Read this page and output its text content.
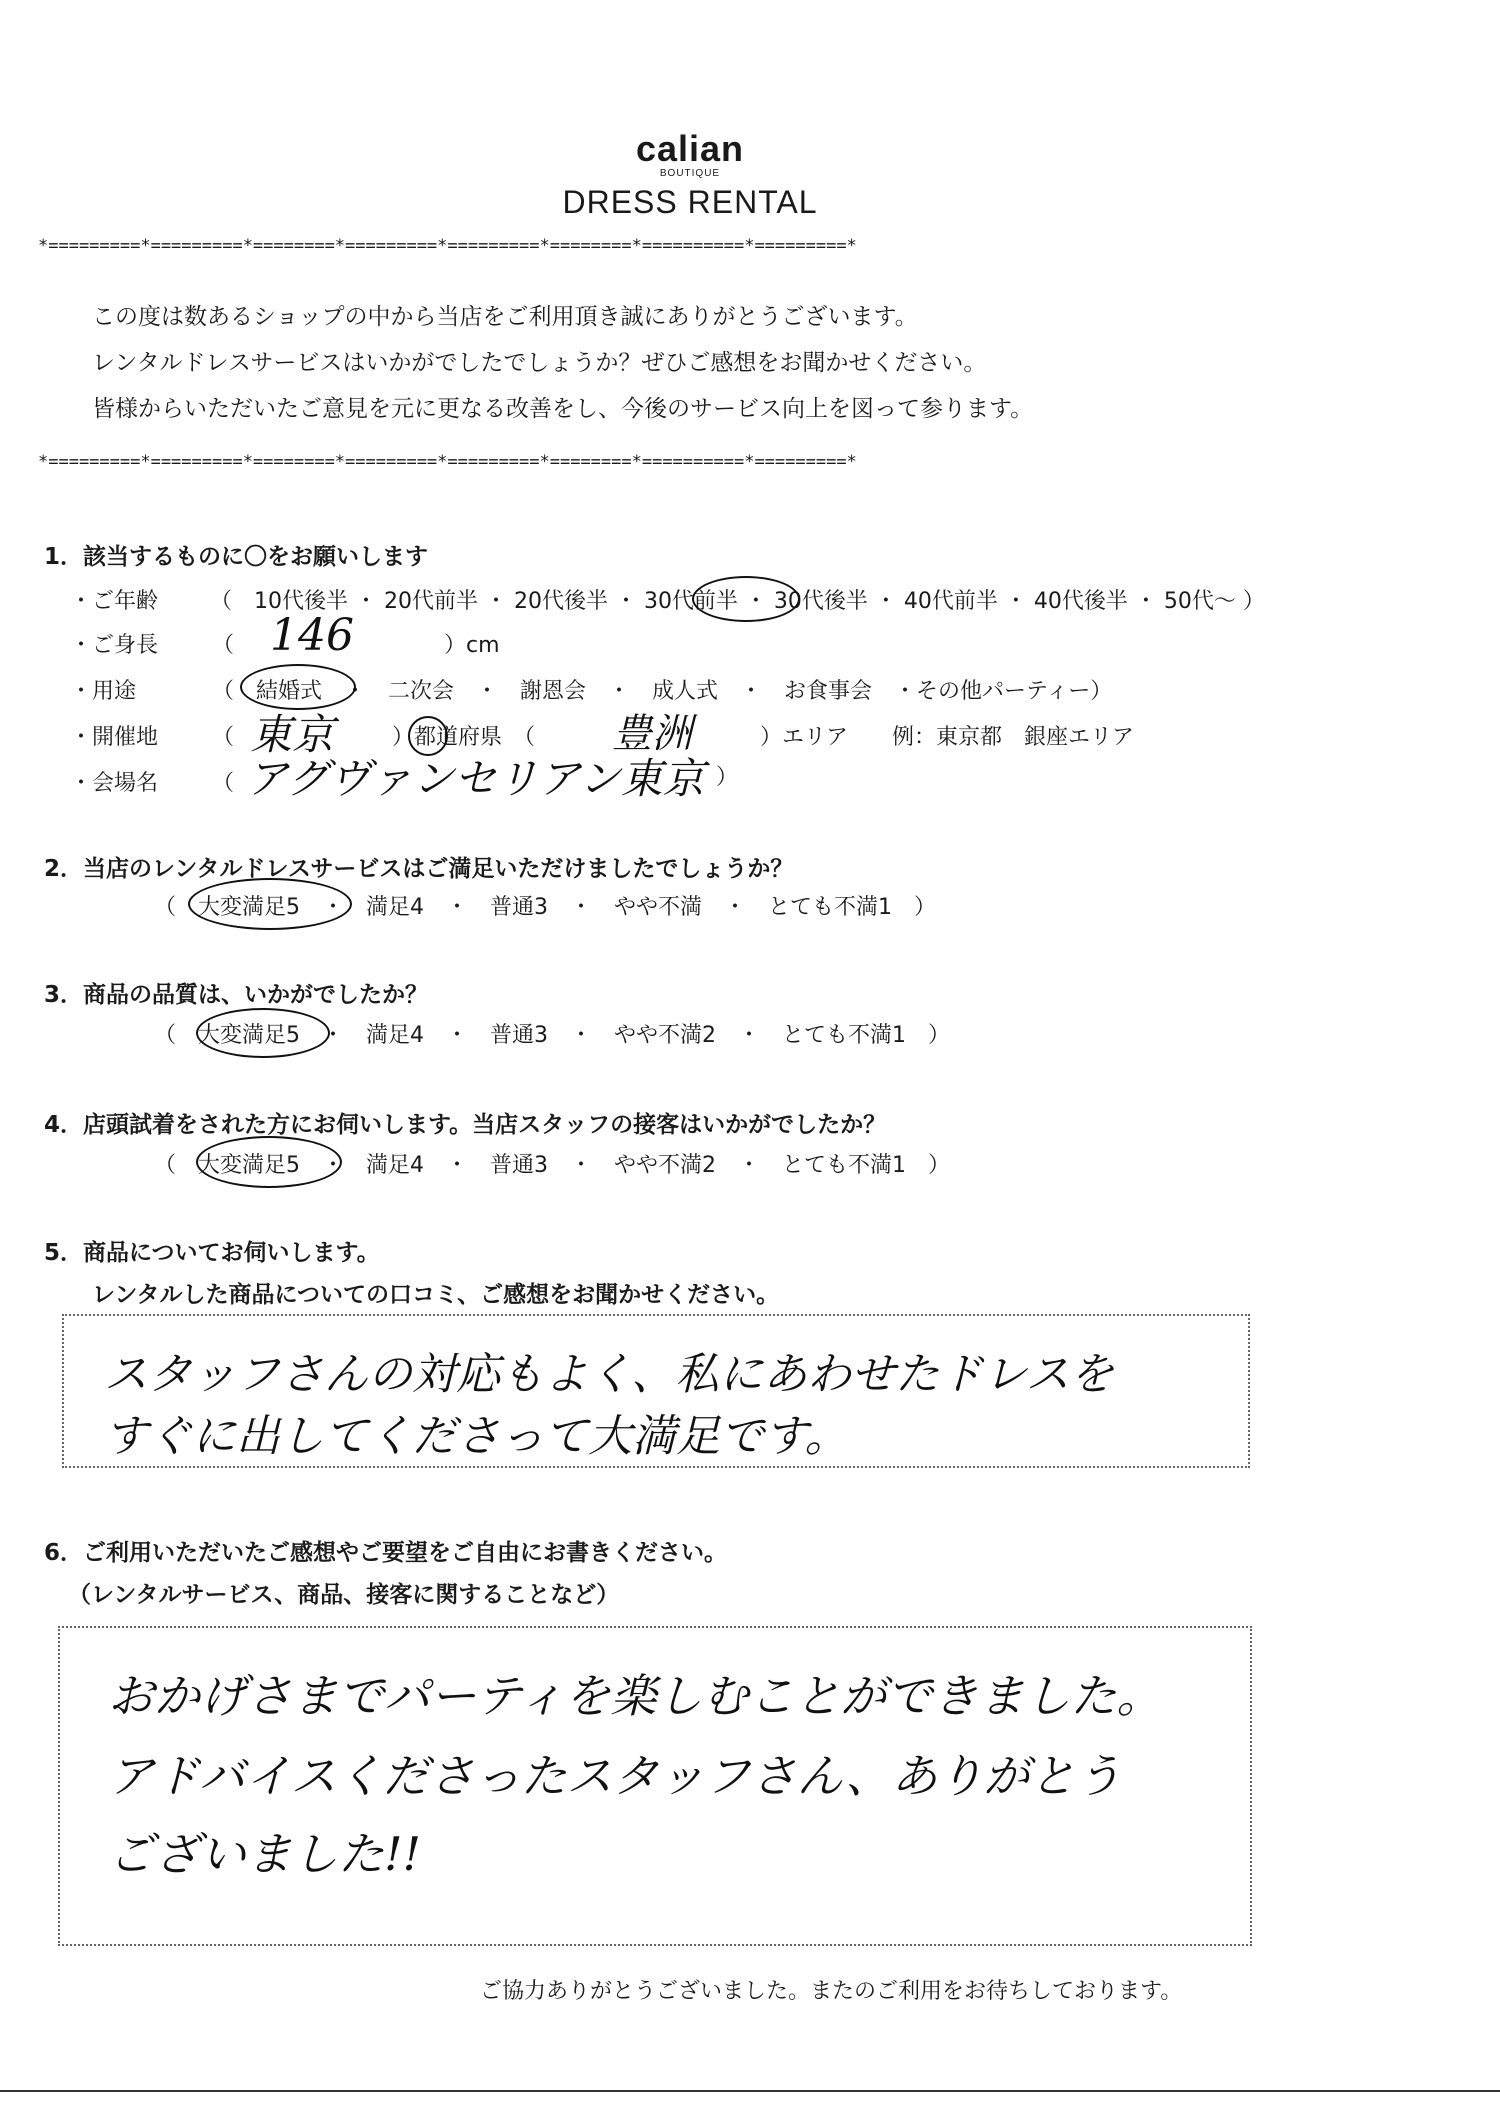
calian
BOUTIQUE
DRESS RENTAL
*=========*=========*========*=========*=========*========*==========*=========*
この度は数あるショップの中から当店をご利用頂き誠にありがとうございます。
レンタルドレスサービスはいかがでしたでしょうか？ぜひご感想をお聞かせください。
皆様からいただいたご意見を元に更なる改善をし、今後のサービス向上を図って参ります。
*=========*=========*========*=========*=========*========*==========*=========*
1．該当するものに〇をお願いします
・ご年齢 （　10代後半 ・ 20代前半 ・ 20代後半 ・ 30代前半 ・ 30代後半 ・ 40代前半 ・ 40代後半 ・ 50代～ ）
・ご身長 （ 146	）cm
・用途	（　結婚式　・　二次会　・　謝恩会　・　成人式　・　お食事会　・その他パーティー）
・開催地 （ 東京	）都道府県　（ 豊洲	）エリア　　例：東京都　銀座エリア
・会場名 （ アグヴァンセリアン東京 ）
2．当店のレンタルドレスサービスはご満足いただけましたでしょうか？
（　大変満足5　・　満足4　・　普通3　・　やや不満　・　とても不満1　）
3．商品の品質は、いかがでしたか？
（　大変満足5　・　満足4　・　普通3　・　やや不満2　・　とても不満1　）
4．店頭試着をされた方にお伺いします。当店スタッフの接客はいかがでしたか？
（　大変満足5　・　満足4　・　普通3　・　やや不満2　・　とても不満1　）
5．商品についてお伺いします。
レンタルした商品についての口コミ、ご感想をお聞かせください。
スタッフさんの対応もよく、私にあわせたドレスを
すぐに出してくださって大満足です。
6．ご利用いただいたご感想やご要望をご自由にお書きください。
（レンタルサービス、商品、接客に関することなど）
おかげさまでパーティを楽しむことができました。
アドバイスくださったスタッフさん、ありがとう
ございました!!
ご協力ありがとうございました。またのご利用をお待ちしております。
